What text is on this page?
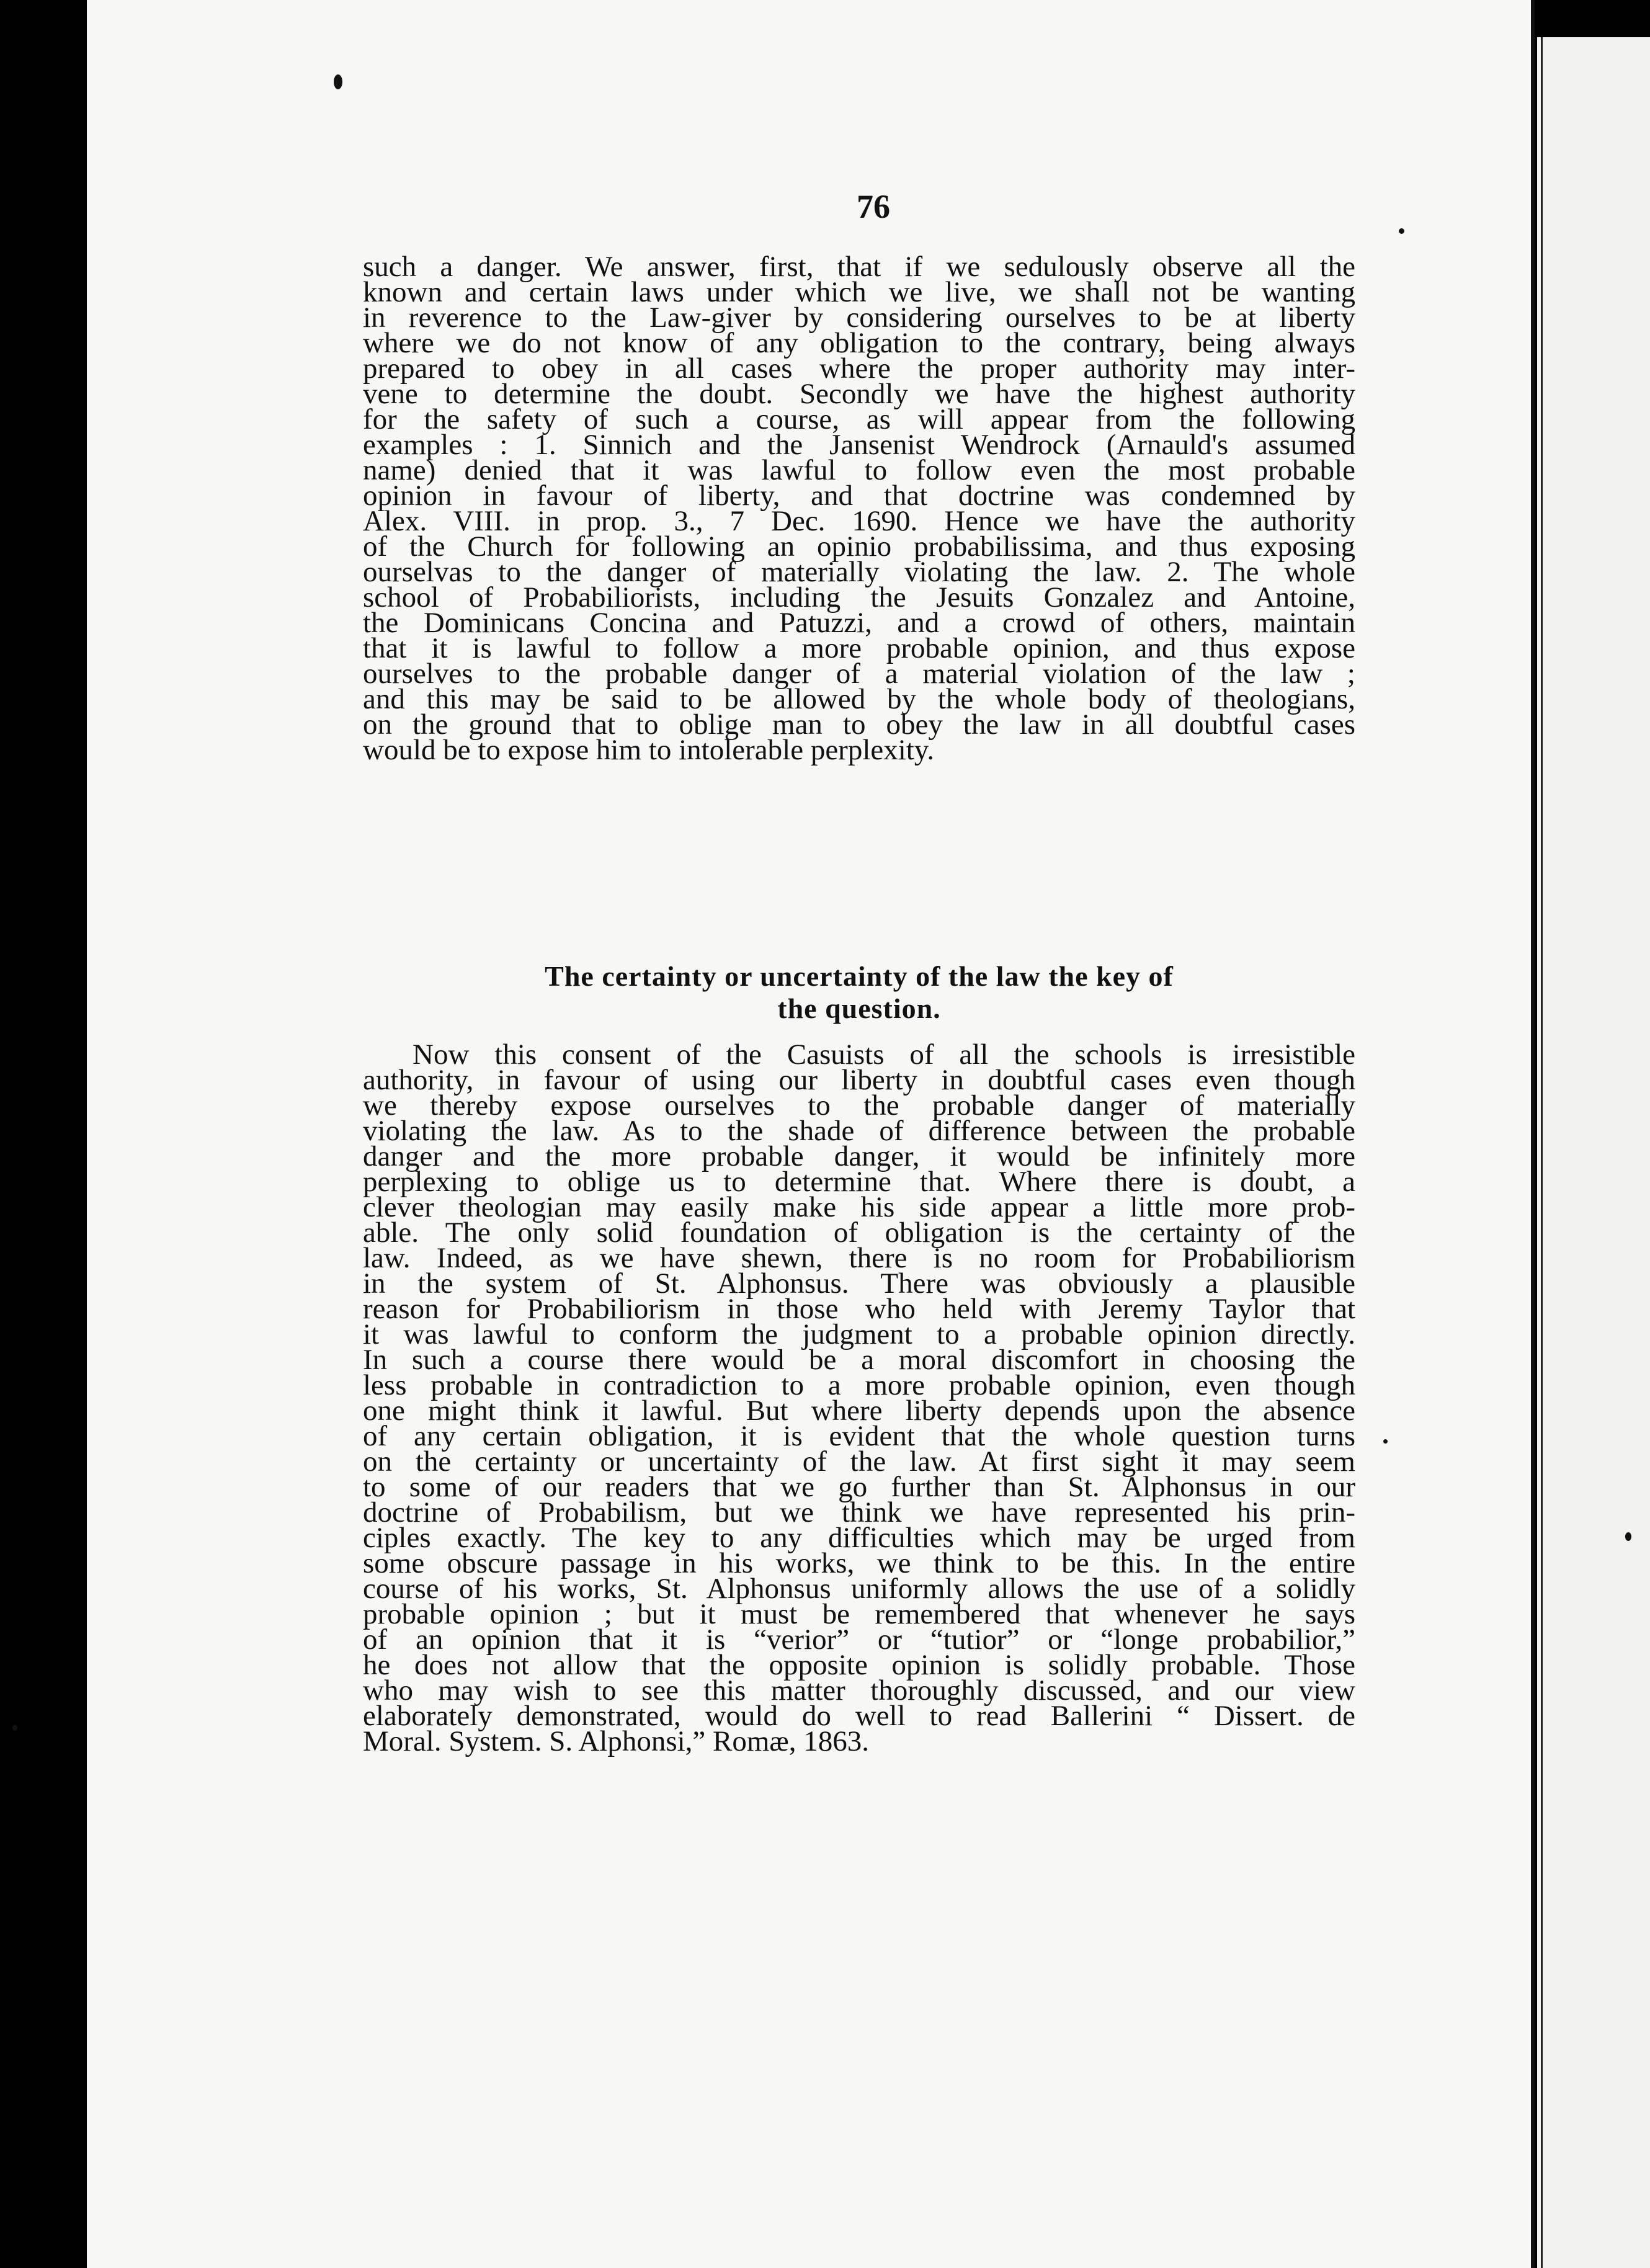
76
such a danger. We answer, first, that if we sedulously observe all the
known and certain laws under which we live, we shall not be wanting
in reverence to the Law-giver by considering ourselves to be at liberty
where we do not know of any obligation to the contrary, being always
prepared to obey in all cases where the proper authority may inter-
vene to determine the doubt. Secondly we have the highest authority
for the safety of such a course, as will appear from the following
examples : 1. Sinnich and the Jansenist Wendrock (Arnauld's assumed
name) denied that it was lawful to follow even the most probable
opinion in favour of liberty, and that doctrine was condemned by
Alex. VIII. in prop. 3., 7 Dec. 1690. Hence we have the authority
of the Church for following an opinio probabilissima, and thus exposing
ourselvas to the danger of materially violating the law. 2. The whole
school of Probabiliorists, including the Jesuits Gonzalez and Antoine,
the Dominicans Concina and Patuzzi, and a crowd of others, maintain
that it is lawful to follow a more probable opinion, and thus expose
ourselves to the probable danger of a material violation of the law ;
and this may be said to be allowed by the whole body of theologians,
on the ground that to oblige man to obey the law in all doubtful cases
would be to expose him to intolerable perplexity.
The certainty or uncertainty of the law the key of
the question.
Now this consent of the Casuists of all the schools is irresistible
authority, in favour of using our liberty in doubtful cases even though
we thereby expose ourselves to the probable danger of materially
violating the law. As to the shade of difference between the probable
danger and the more probable danger, it would be infinitely more
perplexing to oblige us to determine that. Where there is doubt, a
clever theologian may easily make his side appear a little more prob-
able. The only solid foundation of obligation is the certainty of the
law. Indeed, as we have shewn, there is no room for Probabiliorism
in the system of St. Alphonsus. There was obviously a plausible
reason for Probabiliorism in those who held with Jeremy Taylor that
it was lawful to conform the judgment to a probable opinion directly.
In such a course there would be a moral discomfort in choosing the
less probable in contradiction to a more probable opinion, even though
one might think it lawful. But where liberty depends upon the absence
of any certain obligation, it is evident that the whole question turns
on the certainty or uncertainty of the law. At first sight it may seem
to some of our readers that we go further than St. Alphonsus in our
doctrine of Probabilism, but we think we have represented his prin-
ciples exactly. The key to any difficulties which may be urged from
some obscure passage in his works, we think to be this. In the entire
course of his works, St. Alphonsus uniformly allows the use of a solidly
probable opinion ; but it must be remembered that whenever he says
of an opinion that it is “verior” or “tutior” or “longe probabilior,”
he does not allow that the opposite opinion is solidly probable. Those
who may wish to see this matter thoroughly discussed, and our view
elaborately demonstrated, would do well to read Ballerini “ Dissert. de
Moral. System. S. Alphonsi,” Romæ, 1863.
